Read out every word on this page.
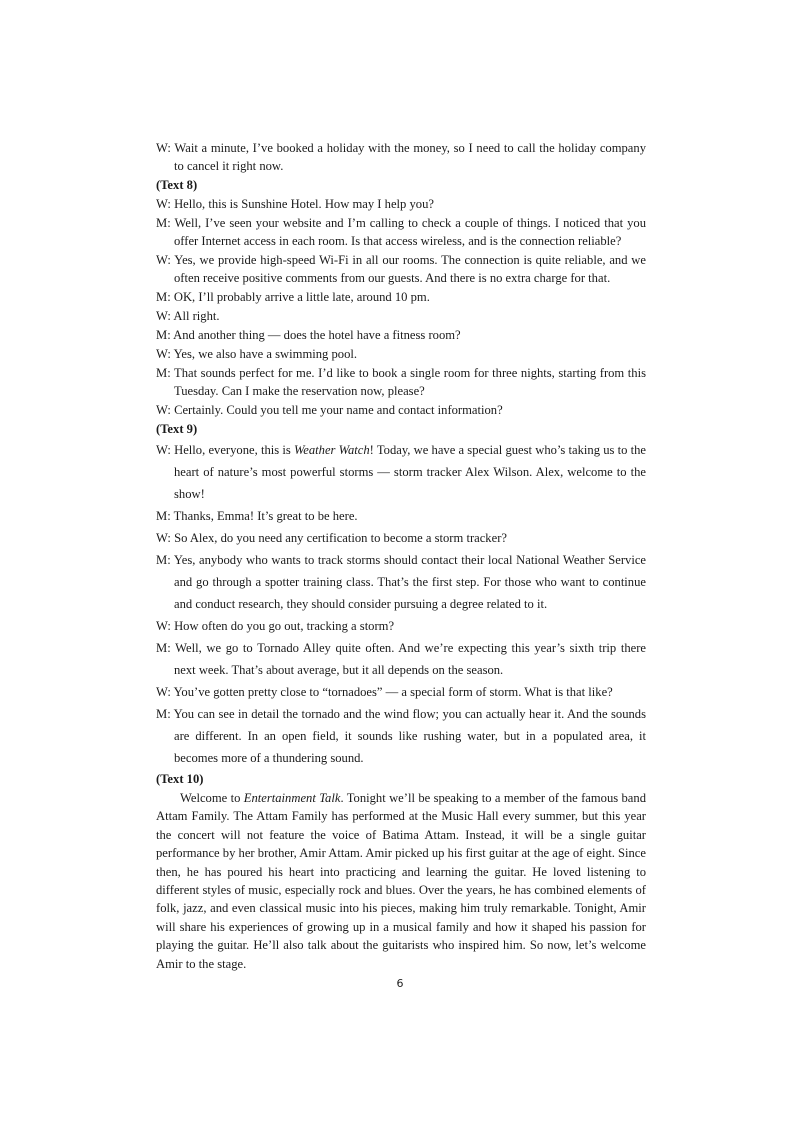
W: Wait a minute, I’ve booked a holiday with the money, so I need to call the holiday company to cancel it right now.

(Text 8)

W: Hello, this is Sunshine Hotel. How may I help you?

M: Well, I’ve seen your website and I’m calling to check a couple of things. I noticed that you offer Internet access in each room. Is that access wireless, and is the connection reliable?

W: Yes, we provide high-speed Wi-Fi in all our rooms. The connection is quite reliable, and we often receive positive comments from our guests. And there is no extra charge for that.

M: OK, I’ll probably arrive a little late, around 10 pm.

W: All right.

M: And another thing — does the hotel have a fitness room?

W: Yes, we also have a swimming pool.

M: That sounds perfect for me. I’d like to book a single room for three nights, starting from this Tuesday. Can I make the reservation now, please?

W: Certainly. Could you tell me your name and contact information?

(Text 9)

W: Hello, everyone, this is Weather Watch! Today, we have a special guest who’s taking us to the heart of nature’s most powerful storms — storm tracker Alex Wilson. Alex, welcome to the show!

M: Thanks, Emma! It’s great to be here.

W: So Alex, do you need any certification to become a storm tracker?

M: Yes, anybody who wants to track storms should contact their local National Weather Service and go through a spotter training class. That’s the first step. For those who want to continue and conduct research, they should consider pursuing a degree related to it.

W: How often do you go out, tracking a storm?

M: Well, we go to Tornado Alley quite often. And we’re expecting this year’s sixth trip there next week. That’s about average, but it all depends on the season.

W: You’ve gotten pretty close to “tornadoes” — a special form of storm. What is that like?

M: You can see in detail the tornado and the wind flow; you can actually hear it. And the sounds are different. In an open field, it sounds like rushing water, but in a populated area, it becomes more of a thundering sound.

(Text 10)

Welcome to Entertainment Talk. Tonight we’ll be speaking to a member of the famous band Attam Family. The Attam Family has performed at the Music Hall every summer, but this year the concert will not feature the voice of Batima Attam. Instead, it will be a single guitar performance by her brother, Amir Attam. Amir picked up his first guitar at the age of eight. Since then, he has poured his heart into practicing and learning the guitar. He loved listening to different styles of music, especially rock and blues. Over the years, he has combined elements of folk, jazz, and even classical music into his pieces, making him truly remarkable. Tonight, Amir will share his experiences of growing up in a musical family and how it shaped his passion for playing the guitar. He’ll also talk about the guitarists who inspired him. So now, let’s welcome Amir to the stage.

6
